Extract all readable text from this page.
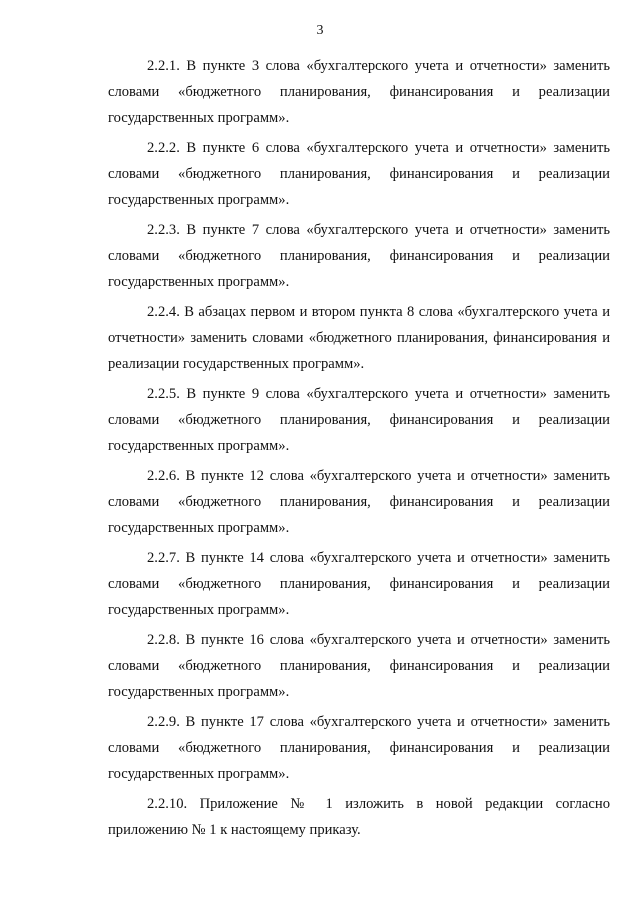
3

2.2.1. В пункте 3 слова «бухгалтерского учета и отчетности» заменить словами «бюджетного планирования, финансирования и реализации государственных программ».

2.2.2. В пункте 6 слова «бухгалтерского учета и отчетности» заменить словами «бюджетного планирования, финансирования и реализации государственных программ».

2.2.3. В пункте 7 слова «бухгалтерского учета и отчетности» заменить словами «бюджетного планирования, финансирования и реализации государственных программ».

2.2.4. В абзацах первом и втором пункта 8 слова «бухгалтерского учета и отчетности» заменить словами «бюджетного планирования, финансирования и реализации государственных программ».

2.2.5. В пункте 9 слова «бухгалтерского учета и отчетности» заменить словами «бюджетного планирования, финансирования и реализации государственных программ».

2.2.6. В пункте 12 слова «бухгалтерского учета и отчетности» заменить словами «бюджетного планирования, финансирования и реализации государственных программ».

2.2.7. В пункте 14 слова «бухгалтерского учета и отчетности» заменить словами «бюджетного планирования, финансирования и реализации государственных программ».

2.2.8. В пункте 16 слова «бухгалтерского учета и отчетности» заменить словами «бюджетного планирования, финансирования и реализации государственных программ».

2.2.9. В пункте 17 слова «бухгалтерского учета и отчетности» заменить словами «бюджетного планирования, финансирования и реализации государственных программ».

2.2.10. Приложение № 1 изложить в новой редакции согласно приложению № 1 к настоящему приказу.
